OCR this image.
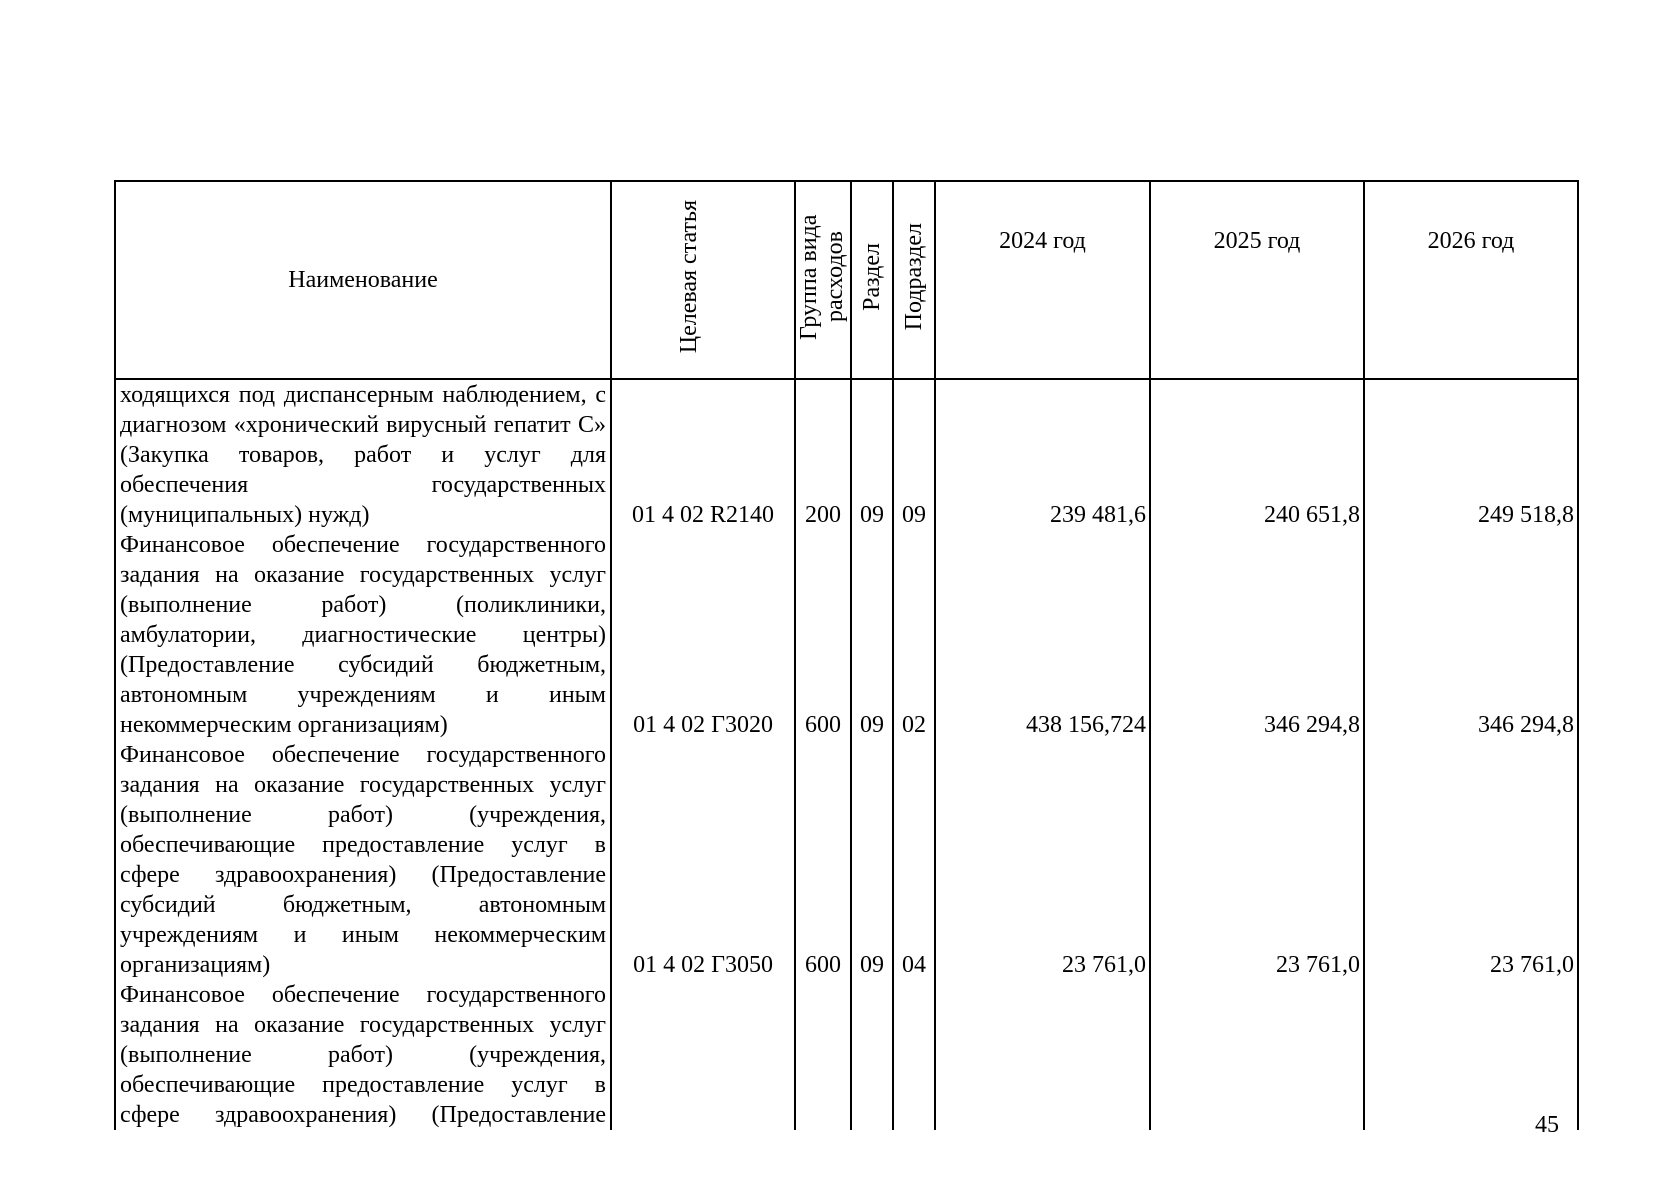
Наименование	Целевая статья	Группа вида расходов	Раздел	Подраздел	2024 год	2025 год	2026 год
ходящихся под диспансерным наблюдением, с диагнозом «хронический вирусный гепатит С» (Закупка товаров, работ и услуг для обеспечения государственных (муниципальных) нужд)	01 4 02 R2140	200	09	09	239 481,6	240 651,8	249 518,8
Финансовое обеспечение государственного задания на оказание государственных услуг (выполнение работ) (поликлиники, амбулатории, диагностические центры) (Предоставление субсидий бюджетным, автономным учреждениям и иным некоммерческим организациям)	01 4 02 Г3020	600	09	02	438 156,724	346 294,8	346 294,8
Финансовое обеспечение государственного задания на оказание государственных услуг (выполнение работ) (учреждения, обеспечивающие предоставление услуг в сфере здравоохранения) (Предоставление субсидий бюджетным, автономным учреждениям и иным некоммерческим организациям)	01 4 02 Г3050	600	09	04	23 761,0	23 761,0	23 761,0
Финансовое обеспечение государственного задания на оказание государственных услуг (выполнение работ) (учреждения, обеспечивающие предоставление услуг в сфере здравоохранения) (Предоставление								45
